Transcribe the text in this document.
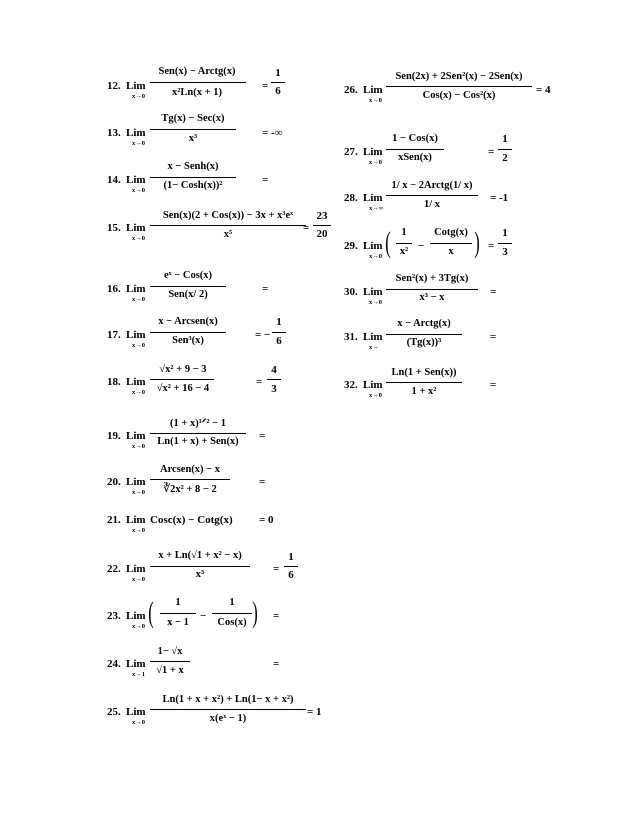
12. Lim
x→0
Sen(x) − Arctg(x)
x²Ln(x + 1)
=
1
6
13. Lim
x→0
Tg(x) − Sec(x)
x³	= -∞
14. Lim
x→0
x − Senh(x)
(1− Cosh(x))²	=
15. Lim
x→0
Sen(x)(2 + Cos(x)) − 3x + x³eˣ
x⁵
=
23
20
16. Lim
x→0
eˣ − Cos(x)
Sen(x/ 2)	=
17. Lim
x→0
x − Arcsen(x)
Sen³(x)	= −
1
6
18. Lim
x→0
√x² + 9 − 3
√x² + 16 − 4
=
4
3
19. Lim
x→0
(1 + x)¹ᐟ² − 1
Ln(1 + x) + Sen(x)	=
20. Lim
x→0
Arcsen(x) − x
∛2x² + 8 − 2
=
21. Lim
x→0
Cosc(x) − Cotg(x) = 0
22. Lim
x→0
x + Ln(√1 + x² − x)
x³	=
1
6
23. Lim
x→0 (	1
x − 1
−
1
Cos(x) ) =
24. Lim
x→1
1− √x
√1 + x
=
25. Lim
x→0
Ln(1 + x + x²) + Ln(1− x + x²)
x(eˣ − 1)
= 1
26. Lim
x→0
Sen(2x) + 2Sen²(x) − 2Sen(x)
Cos(x) − Cos²(x)	= 4
27. Lim
x→0
1 − Cos(x)
xSen(x)	=
1
2
28. Lim
x→∞
1/ x − 2Arctg(1/ x)
1/ x
= -1
29. Lim
x→0 (	1
x² −
Cotg(x)
x ) =
1
3
30. Lim
x→0
Sen²(x) + 3Tg(x)
x³ − x	=
31. Lim
x→
x − Arctg(x)
(Tg(x))³	=
32. Lim
x→0
Ln(1 + Sen(x))
1 + x²
=
